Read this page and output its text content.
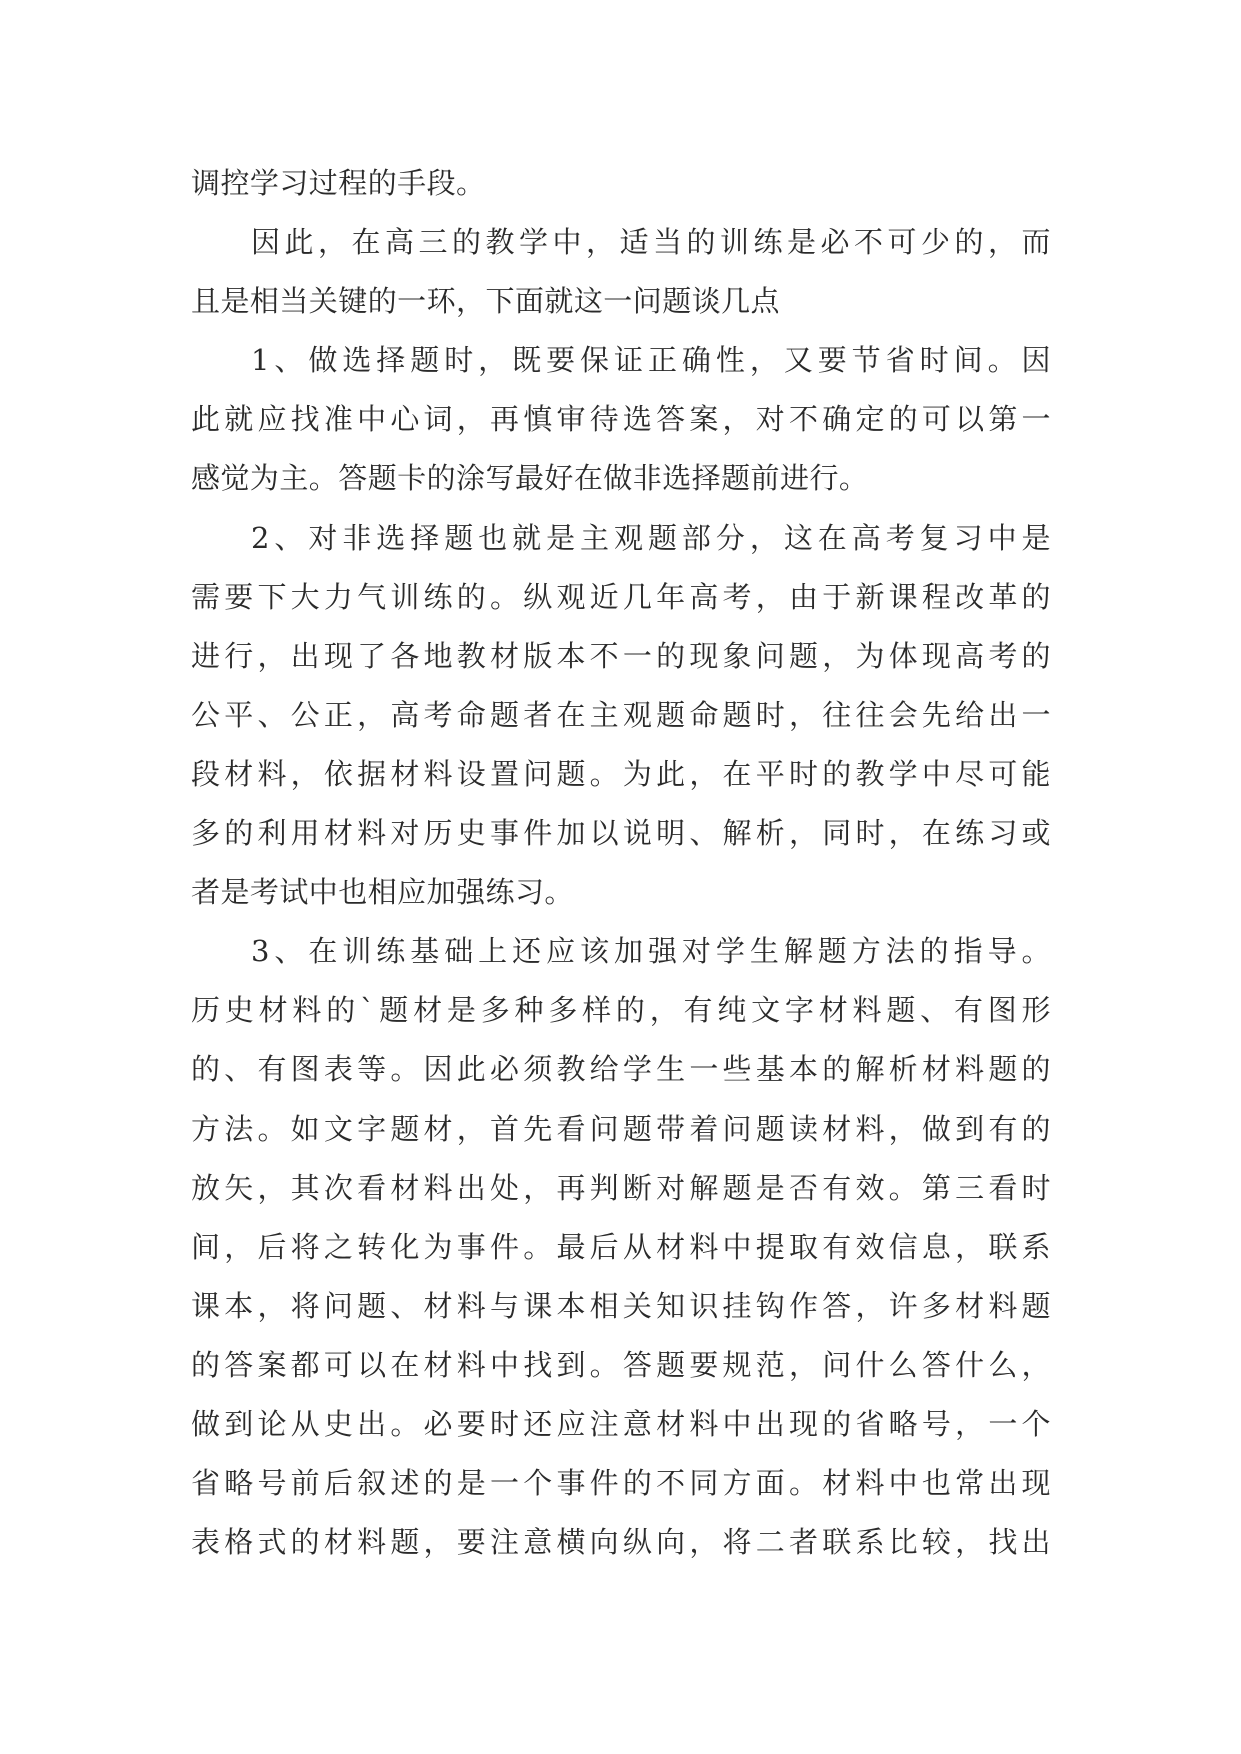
调控学习过程的手段。
因此，在高三的教学中，适当的训练是必不可少的，而
且是相当关键的一环，下面就这一问题谈几点
1、做选择题时，既要保证正确性，又要节省时间。因
此就应找准中心词，再慎审待选答案，对不确定的可以第一
感觉为主。答题卡的涂写最好在做非选择题前进行。
2、对非选择题也就是主观题部分，这在高考复习中是
需要下大力气训练的。纵观近几年高考，由于新课程改革的
进行，出现了各地教材版本不一的现象问题，为体现高考的
公平、公正，高考命题者在主观题命题时，往往会先给出一
段材料，依据材料设置问题。为此，在平时的教学中尽可能
多的利用材料对历史事件加以说明、解析，同时，在练习或
者是考试中也相应加强练习。
3、在训练基础上还应该加强对学生解题方法的指导。
历史材料的`题材是多种多样的，有纯文字材料题、有图形
的、有图表等。因此必须教给学生一些基本的解析材料题的
方法。如文字题材，首先看问题带着问题读材料，做到有的
放矢，其次看材料出处，再判断对解题是否有效。第三看时
间，后将之转化为事件。最后从材料中提取有效信息，联系
课本，将问题、材料与课本相关知识挂钩作答，许多材料题
的答案都可以在材料中找到。答题要规范，问什么答什么，
做到论从史出。必要时还应注意材料中出现的省略号，一个
省略号前后叙述的是一个事件的不同方面。材料中也常出现
表格式的材料题，要注意横向纵向，将二者联系比较，找出
